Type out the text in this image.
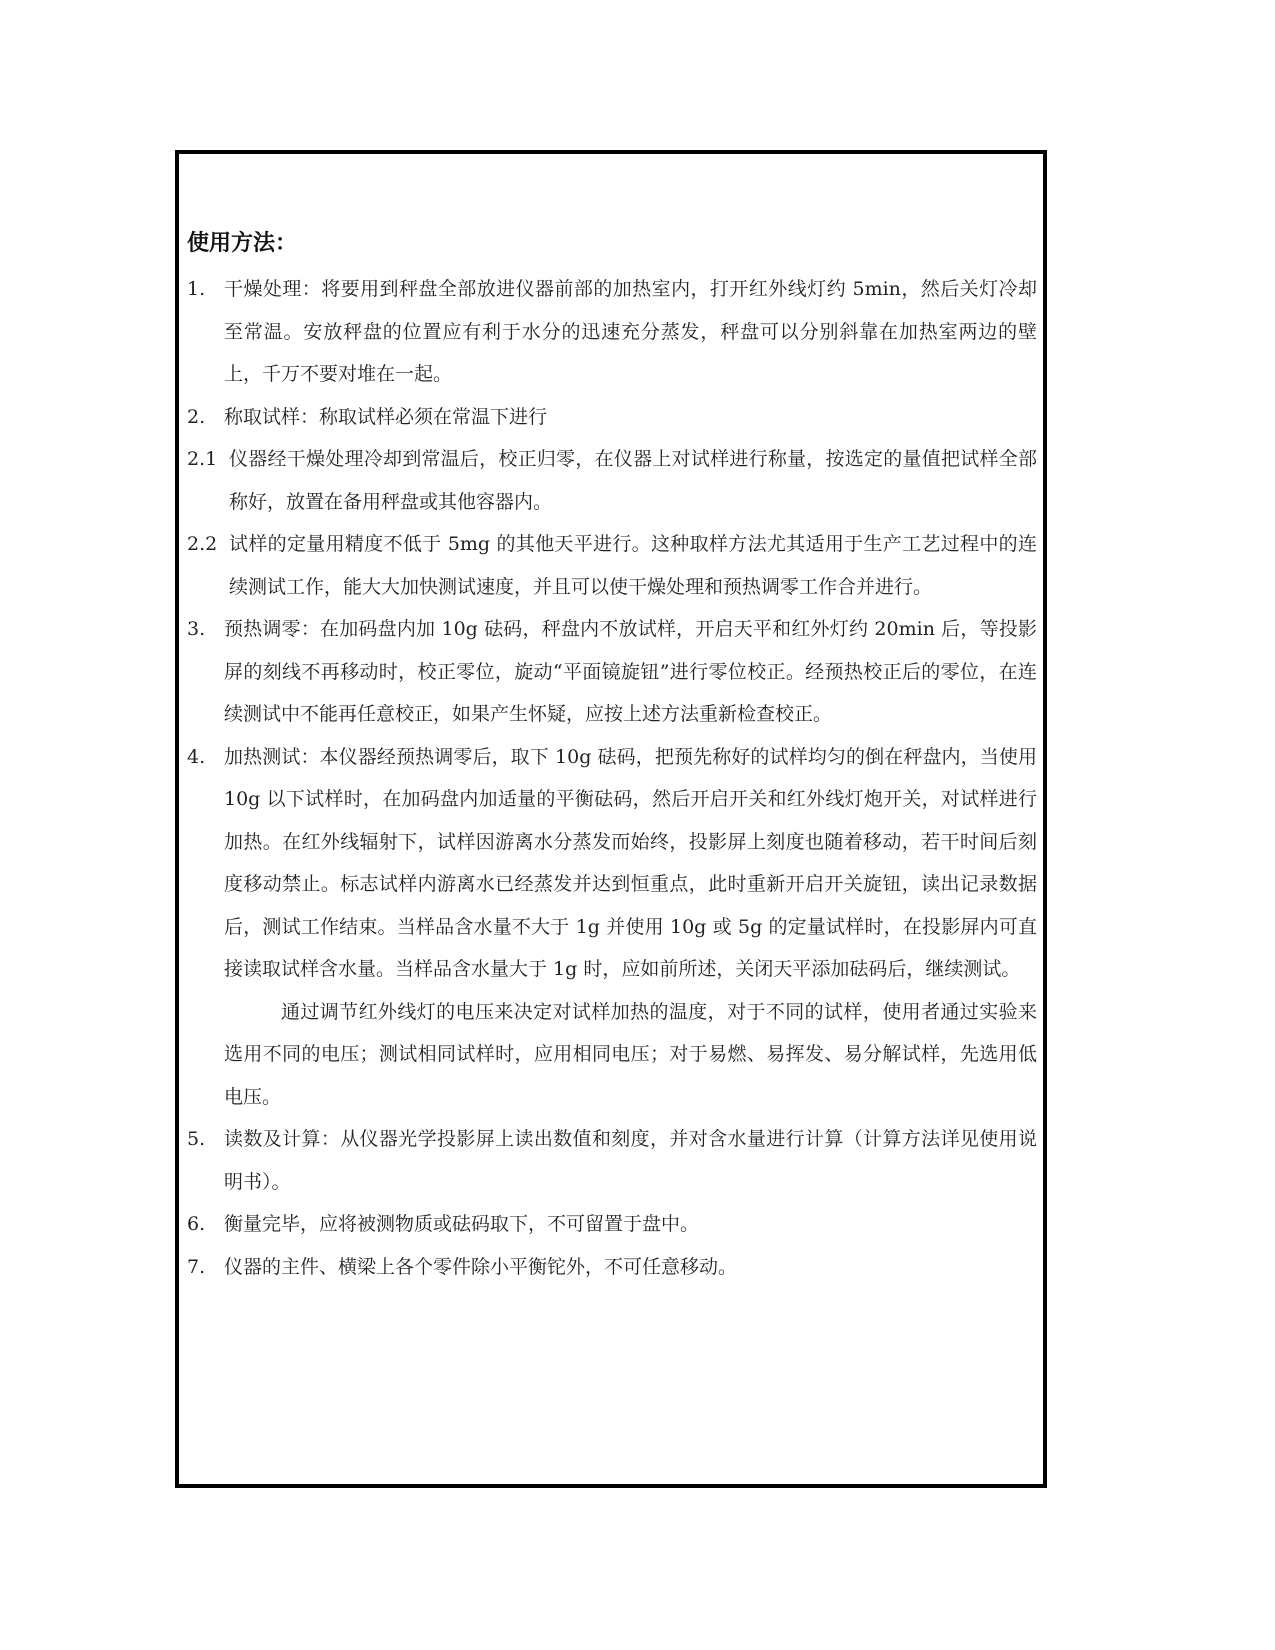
使用方法：
1. 干燥处理：将要用到秤盘全部放进仪器前部的加热室内，打开红外线灯约 5min，然后关灯冷却至常温。安放秤盘的位置应有利于水分的迅速充分蒸发，秤盘可以分别斜靠在加热室两边的壁上，千万不要对堆在一起。
2. 称取试样：称取试样必须在常温下进行
2.1 仪器经干燥处理冷却到常温后，校正归零，在仪器上对试样进行称量，按选定的量值把试样全部称好，放置在备用秤盘或其他容器内。
2.2 试样的定量用精度不低于 5mg 的其他天平进行。这种取样方法尤其适用于生产工艺过程中的连续测试工作，能大大加快测试速度，并且可以使干燥处理和预热调零工作合并进行。
3. 预热调零：在加码盘内加 10g 砝码，秤盘内不放试样，开启天平和红外灯约 20min 后，等投影屏的刻线不再移动时，校正零位，旋动“平面镜旋钮”进行零位校正。经预热校正后的零位，在连续测试中不能再任意校正，如果产生怀疑，应按上述方法重新检查校正。
4. 加热测试：本仪器经预热调零后，取下 10g 砝码，把预先称好的试样均匀的倒在秤盘内，当使用 10g 以下试样时，在加码盘内加适量的平衡砝码，然后开启开关和红外线灯炮开关，对试样进行加热。在红外线辐射下，试样因游离水分蒸发而始终，投影屏上刻度也随着移动，若干时间后刻度移动禁止。标志试样内游离水已经蒸发并达到恒重点，此时重新开启开关旋钮，读出记录数据后，测试工作结束。当样品含水量不大于 1g 并使用 10g 或 5g 的定量试样时，在投影屏内可直接读取试样含水量。当样品含水量大于 1g 时，应如前所述，关闭天平添加砝码后，继续测试。
通过调节红外线灯的电压来决定对试样加热的温度，对于不同的试样，使用者通过实验来选用不同的电压；测试相同试样时，应用相同电压；对于易燃、易挥发、易分解试样，先选用低电压。
5. 读数及计算：从仪器光学投影屏上读出数值和刻度，并对含水量进行计算（计算方法详见使用说明书）。
6. 衡量完毕，应将被测物质或砝码取下，不可留置于盘中。
7. 仪器的主件、横梁上各个零件除小平衡铊外，不可任意移动。
